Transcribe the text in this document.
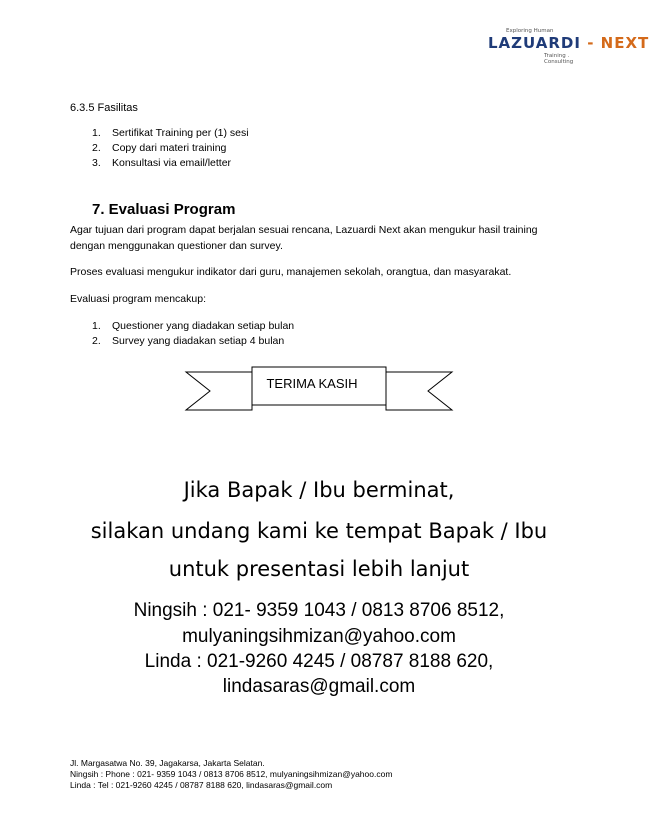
Exploring Human
LAZUARDI - NEXT
Training . Consulting
6.3.5 Fasilitas
1. Sertifikat Training per (1) sesi
2. Copy dari materi training
3. Konsultasi via email/letter
7. Evaluasi Program
Agar tujuan dari program dapat berjalan sesuai rencana, Lazuardi Next akan mengukur hasil training
dengan menggunakan questioner dan survey.
Proses evaluasi mengukur indikator dari guru, manajemen sekolah, orangtua, dan masyarakat.
Evaluasi program mencakup:
1. Questioner yang diadakan setiap bulan
2. Survey yang diadakan setiap 4 bulan
TERIMA KASIH
Jika Bapak / Ibu berminat,
silakan undang kami ke tempat Bapak / Ibu
untuk presentasi lebih lanjut
Ningsih : 021- 9359 1043 / 0813 8706 8512,
mulyaningsihmizan@yahoo.com
Linda : 021-9260 4245 / 08787 8188 620,
lindasaras@gmail.com
Jl. Margasatwa No. 39, Jagakarsa, Jakarta Selatan.
Ningsih : Phone : 021- 9359 1043 / 0813 8706 8512, mulyaningsihmizan@yahoo.com
Linda : Tel : 021-9260 4245 / 08787 8188 620, lindasaras@gmail.com
